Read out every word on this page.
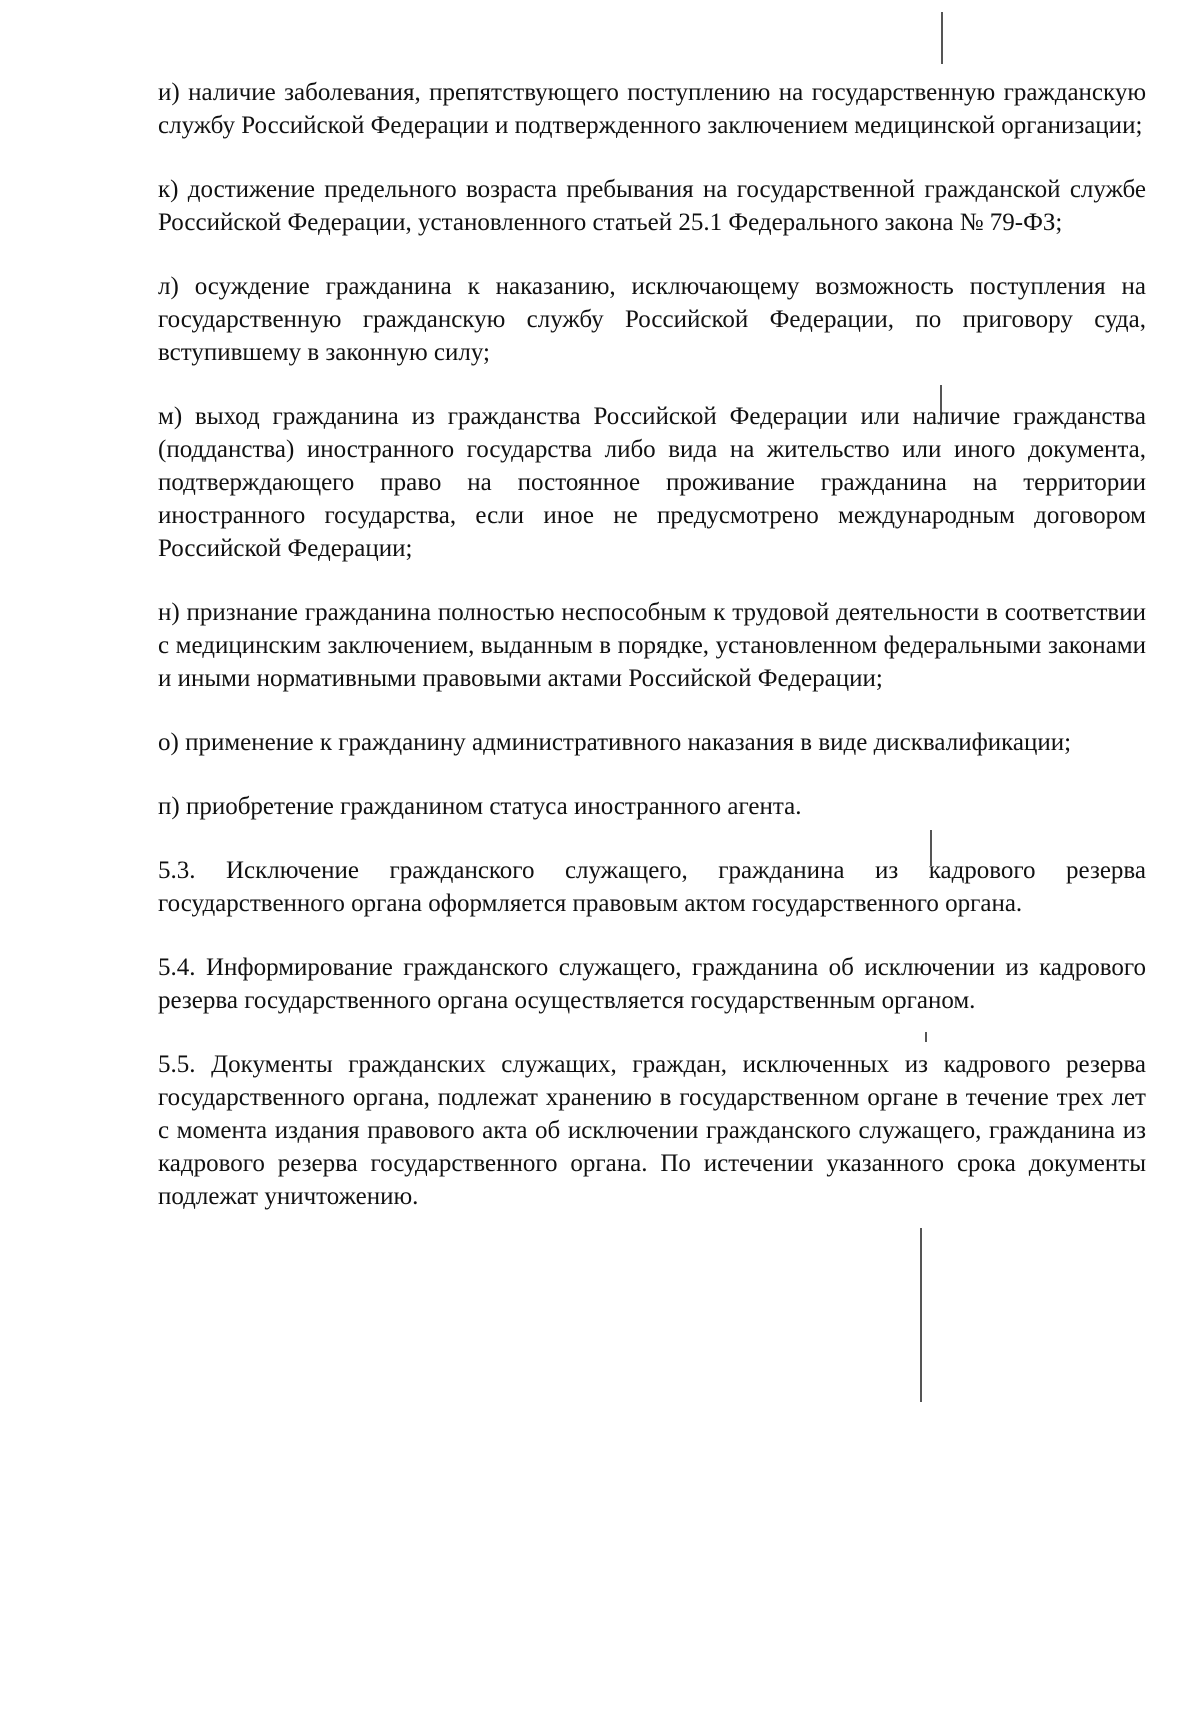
и) наличие заболевания, препятствующего поступлению на государственную гражданскую службу Российской Федерации и подтвержденного заключением медицинской организации;

к) достижение предельного возраста пребывания на государственной гражданской службе Российской Федерации, установленного статьей 25.1 Федерального закона № 79-ФЗ;

л) осуждение гражданина к наказанию, исключающему возможность поступления на государственную гражданскую службу Российской Федерации, по приговору суда, вступившему в законную силу;

м) выход гражданина из гражданства Российской Федерации или наличие гражданства (подданства) иностранного государства либо вида на жительство или иного документа, подтверждающего право на постоянное проживание гражданина на территории иностранного государства, если иное не предусмотрено международным договором Российской Федерации;

н) признание гражданина полностью неспособным к трудовой деятельности в соответствии с медицинским заключением, выданным в порядке, установленном федеральными законами и иными нормативными правовыми актами Российской Федерации;

о) применение к гражданину административного наказания в виде дисквалификации;

п) приобретение гражданином статуса иностранного агента.

5.3. Исключение гражданского служащего, гражданина из кадрового резерва государственного органа оформляется правовым актом государственного органа.

5.4. Информирование гражданского служащего, гражданина об исключении из кадрового резерва государственного органа осуществляется государственным органом.

5.5. Документы гражданских служащих, граждан, исключенных из кадрового резерва государственного органа, подлежат хранению в государственном органе в течение трех лет с момента издания правового акта об исключении гражданского служащего, гражданина из кадрового резерва государственного органа. По истечении указанного срока документы подлежат уничтожению.
